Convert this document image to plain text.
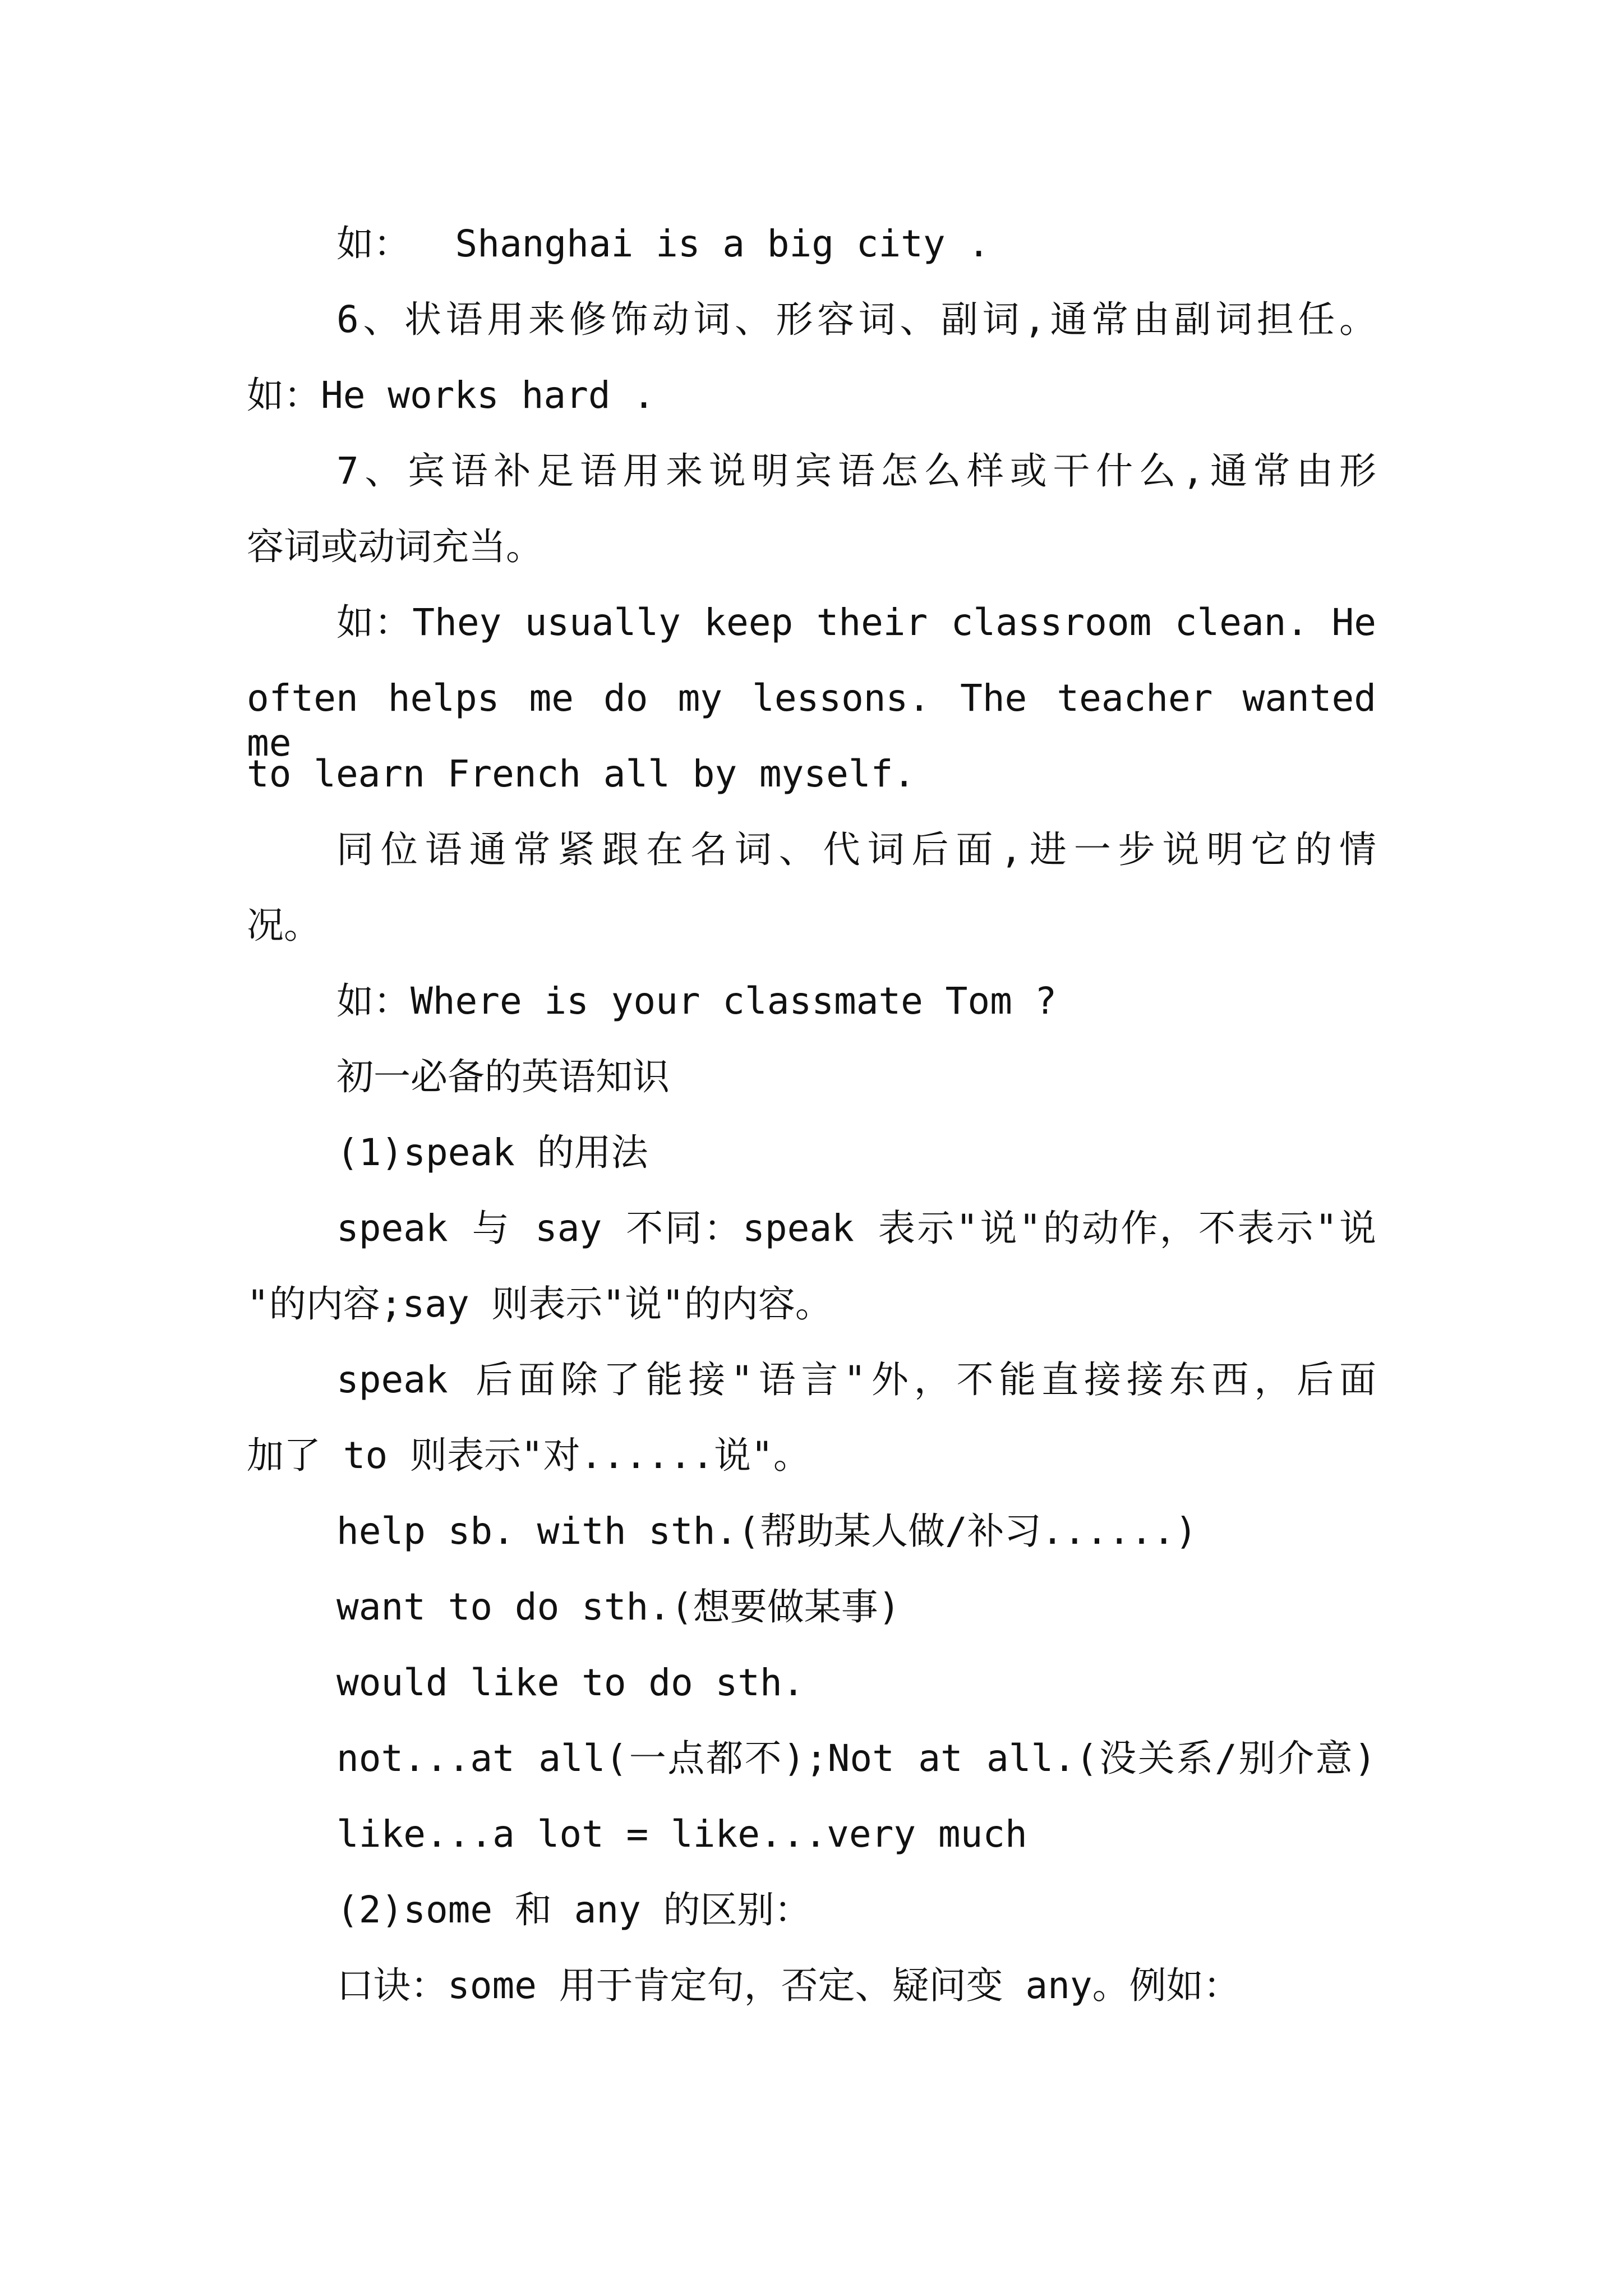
如：  Shanghai is a big city .
6、状语用来修饰动词、形容词、副词,通常由副词担任。
如：He works hard .
7、宾语补足语用来说明宾语怎么样或干什么,通常由形
容词或动词充当。
如：They usually keep their classroom clean. He
often helps me do my lessons. The teacher wanted me
to learn French all by myself.
同位语通常紧跟在名词、代词后面,进一步说明它的情
况。
如：Where is your classmate Tom ?
初一必备的英语知识
(1)speak 的用法
speak 与 say 不同：speak 表示"说"的动作，不表示"说
"的内容;say 则表示"说"的内容。
speak 后面除了能接"语言"外，不能直接接东西，后面
加了 to 则表示"对......说"。
help sb. with sth.(帮助某人做/补习......)
want to do sth.(想要做某事)
would like to do sth.
not...at all(一点都不);Not at all.(没关系/别介意)
like...a lot = like...very much
(2)some 和 any 的区别：
口诀：some 用于肯定句，否定、疑问变 any。例如：
